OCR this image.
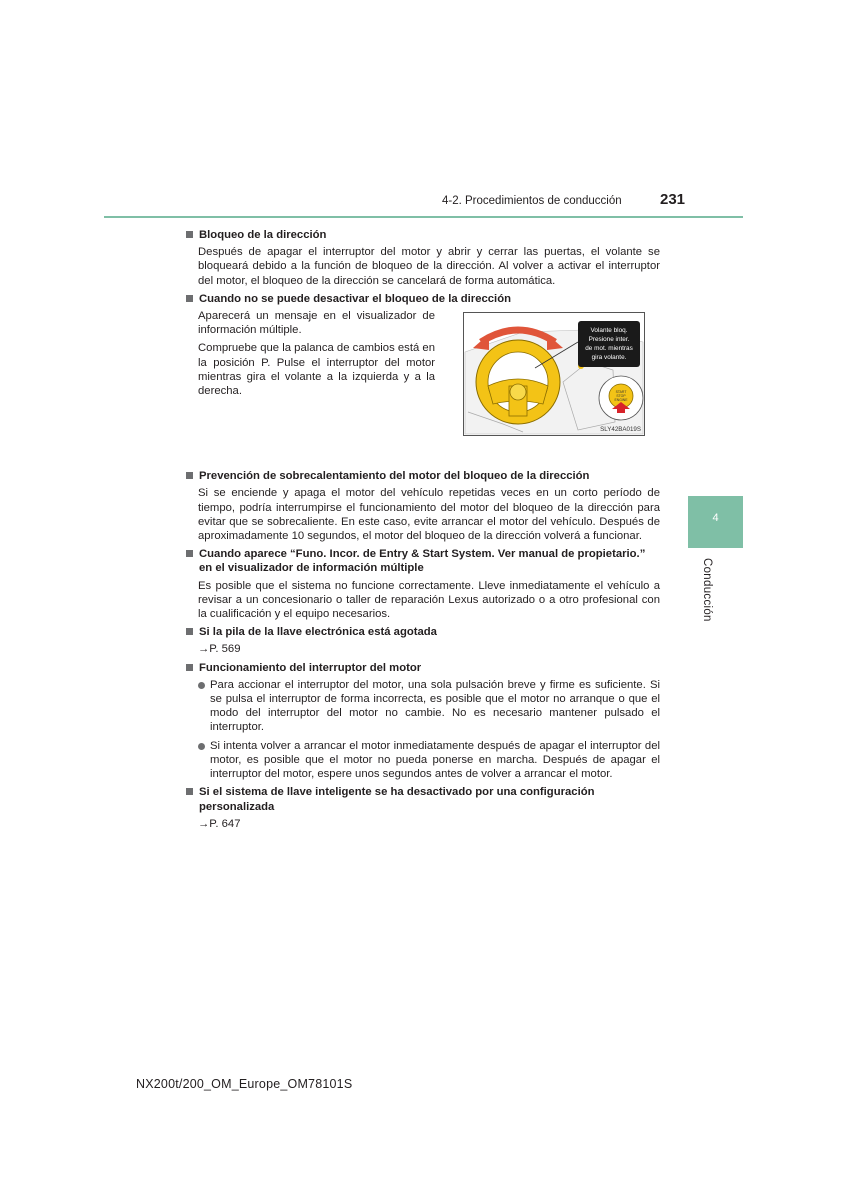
4-2. Procedimientos de conducción	231
4
Conducción
Bloqueo de la dirección
Después de apagar el interruptor del motor y abrir y cerrar las puertas, el volante se bloqueará debido a la función de bloqueo de la dirección. Al volver a activar el interruptor del motor, el bloqueo de la dirección se cancelará de forma automática.
Cuando no se puede desactivar el bloqueo de la dirección
Aparecerá un mensaje en el visualizador de información múltiple.
Compruebe que la palanca de cambios está en la posición P. Pulse el interruptor del motor mientras gira el volante a la izquierda y a la derecha.
Prevención de sobrecalentamiento del motor del bloqueo de la dirección
Si se enciende y apaga el motor del vehículo repetidas veces en un corto período de tiempo, podría interrumpirse el funcionamiento del motor del bloqueo de la dirección para evitar que se sobrecaliente. En este caso, evite arrancar el motor del vehículo. Después de aproximadamente 10 segundos, el motor del bloqueo de la dirección volverá a funcionar.
Cuando aparece “Funo. Incor. de Entry & Start System. Ver manual de propietario.” en el visualizador de información múltiple
Es posible que el sistema no funcione correctamente. Lleve inmediatamente el vehículo a revisar a un concesionario o taller de reparación Lexus autorizado o a otro profesional con la cualificación y el equipo necesarios.
Si la pila de la llave electrónica está agotada
→P. 569
Funcionamiento del interruptor del motor
Para accionar el interruptor del motor, una sola pulsación breve y firme es suficiente. Si se pulsa el interruptor de forma incorrecta, es posible que el motor no arranque o que el modo del interruptor del motor no cambie. No es necesario mantener pulsado el interruptor.
Si intenta volver a arrancar el motor inmediatamente después de apagar el interruptor del motor, es posible que el motor no pueda ponerse en marcha. Después de apagar el interruptor del motor, espere unos segundos antes de volver a arrancar el motor.
Si el sistema de llave inteligente se ha desactivado por una configuración personalizada
→P. 647
Volante bloq.
Presione inter.
de mot. mientras
gira volante.
START
STOP
ENGINE
SLY42BA019S
NX200t/200_OM_Europe_OM78101S
